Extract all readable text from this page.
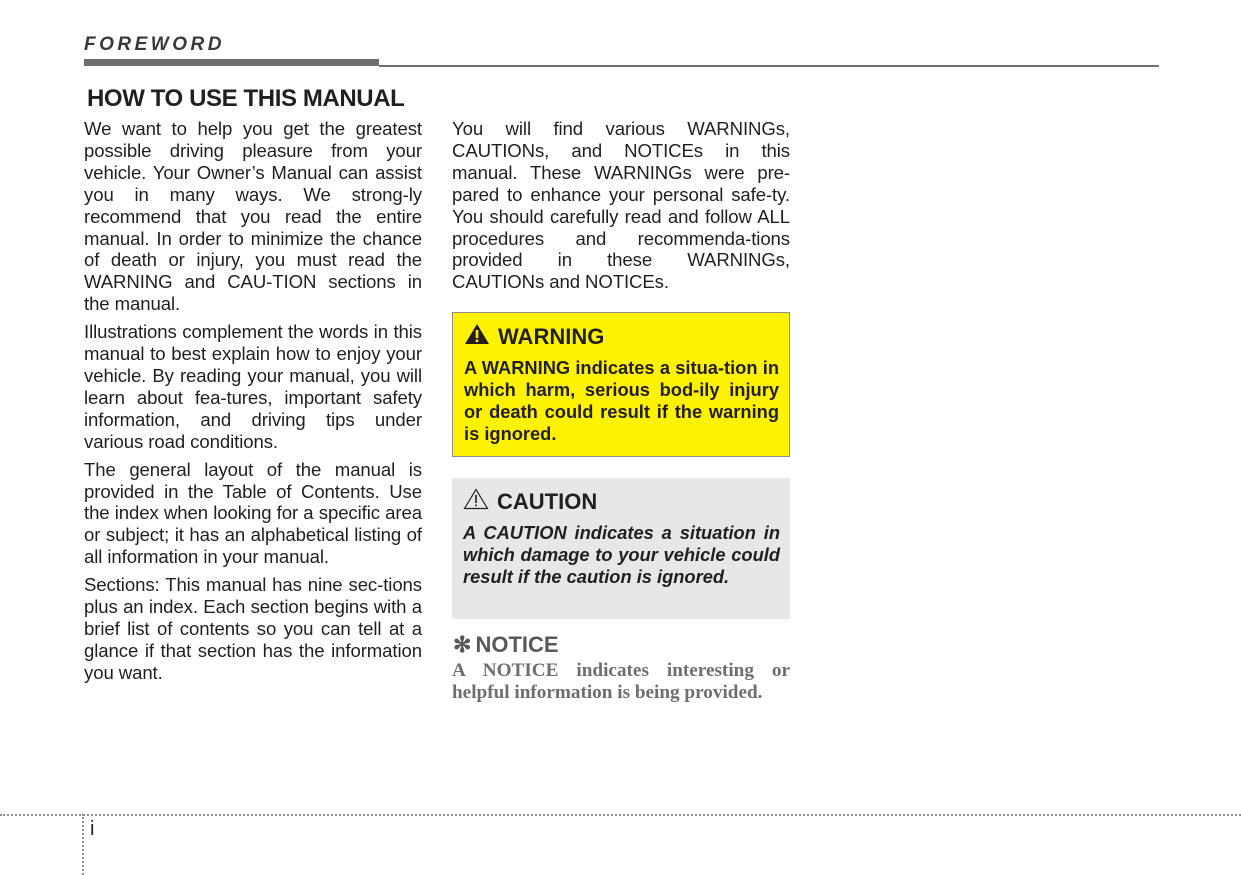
FOREWORD
HOW TO USE THIS MANUAL

We want to help you get the greatest possible driving pleasure from your vehicle. Your Owner’s Manual can assist you in many ways. We strong-ly recommend that you read the entire manual. In order to minimize the chance of death or injury, you must read the WARNING and CAU-TION sections in the manual.

Illustrations complement the words in this manual to best explain how to enjoy your vehicle. By reading your manual, you will learn about fea-tures, important safety information, and driving tips under various road conditions.

The general layout of the manual is provided in the Table of Contents. Use the index when looking for a specific area or subject; it has an alphabetical listing of all information in your manual.

Sections: This manual has nine sec-tions plus an index. Each section begins with a brief list of contents so you can tell at a glance if that section has the information you want.

You will find various WARNINGs, CAUTIONs, and NOTICEs in this manual. These WARNINGs were pre-pared to enhance your personal safe-ty. You should carefully read and follow ALL procedures and recommenda-tions provided in these WARNINGs, CAUTIONs and NOTICEs.

WARNING

A WARNING indicates a situa-tion in which harm, serious bod-ily injury or death could result if the warning is ignored.

CAUTION

A CAUTION indicates a situation in which damage to your vehicle could result if the caution is ignored.

✻ NOTICE

A NOTICE indicates interesting or helpful information is being provided.

i
